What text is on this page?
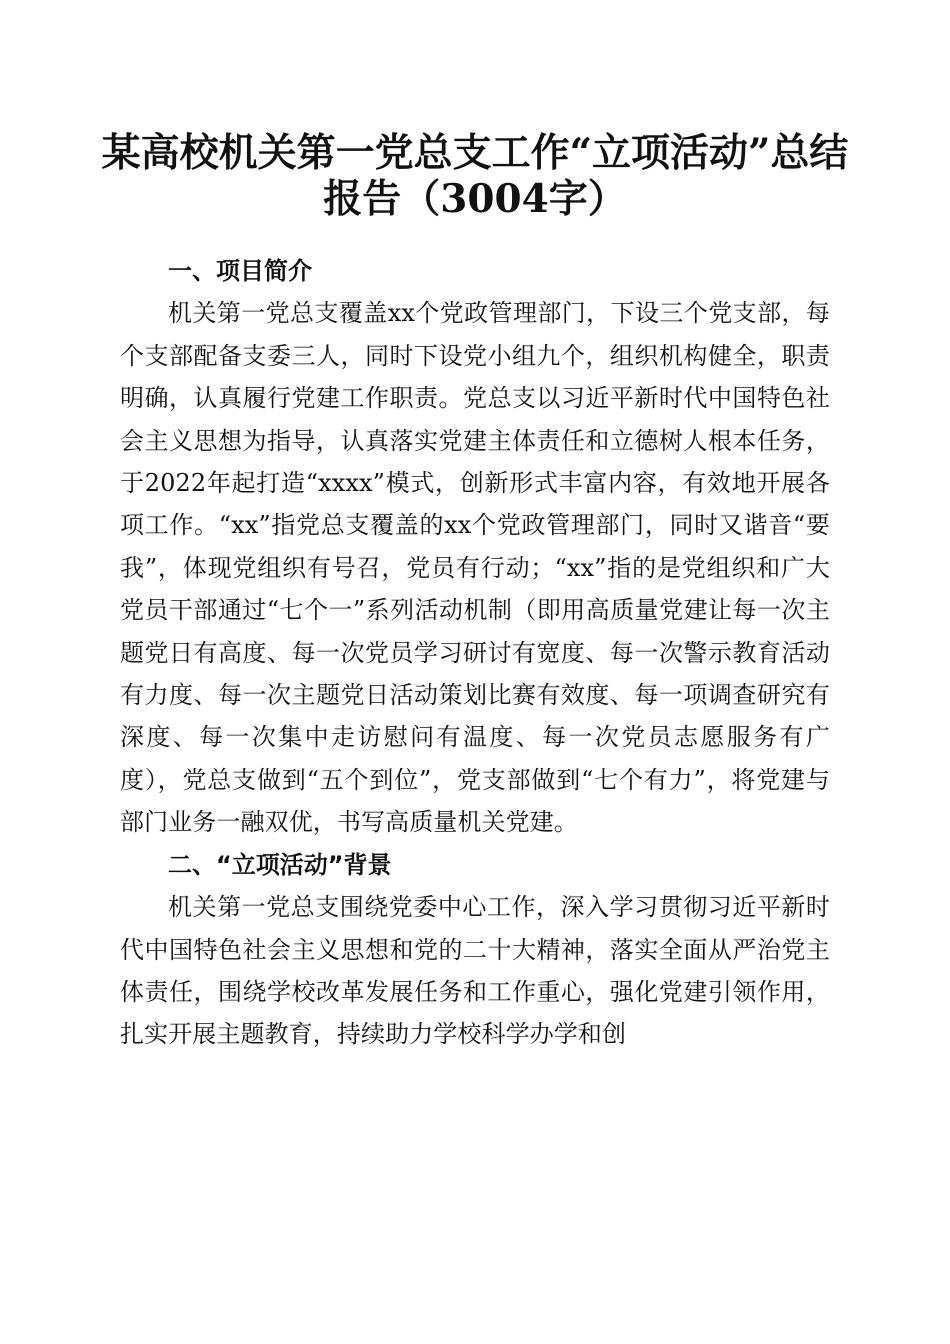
某高校机关第一党总支工作“立项活动”总结
报告（3004字）
一、项目简介

机关第一党总支覆盖xx个党政管理部门，下设三个党支部，每个支部配备支委三人，同时下设党小组九个，组织机构健全，职责明确，认真履行党建工作职责。党总支以习近平新时代中国特色社会主义思想为指导，认真落实党建主体责任和立德树人根本任务，于2022年起打造“xxxx”模式，创新形式丰富内容，有效地开展各项工作。“xx”指党总支覆盖的xx个党政管理部门，同时又谐音“要我”，体现党组织有号召，党员有行动；“xx”指的是党组织和广大党员干部通过“七个一”系列活动机制（即用高质量党建让每一次主题党日有高度、每一次党员学习研讨有宽度、每一次警示教育活动有力度、每一次主题党日活动策划比赛有效度、每一项调查研究有深度、每一次集中走访慰问有温度、每一次党员志愿服务有广度），党总支做到“五个到位”，党支部做到“七个有力”，将党建与部门业务一融双优，书写高质量机关党建。

二、“立项活动”背景

机关第一党总支围绕党委中心工作，深入学习贯彻习近平新时代中国特色社会主义思想和党的二十大精神，落实全面从严治党主体责任，围绕学校改革发展任务和工作重心，强化党建引领作用，扎实开展主题教育，持续助力学校科学办学和创
